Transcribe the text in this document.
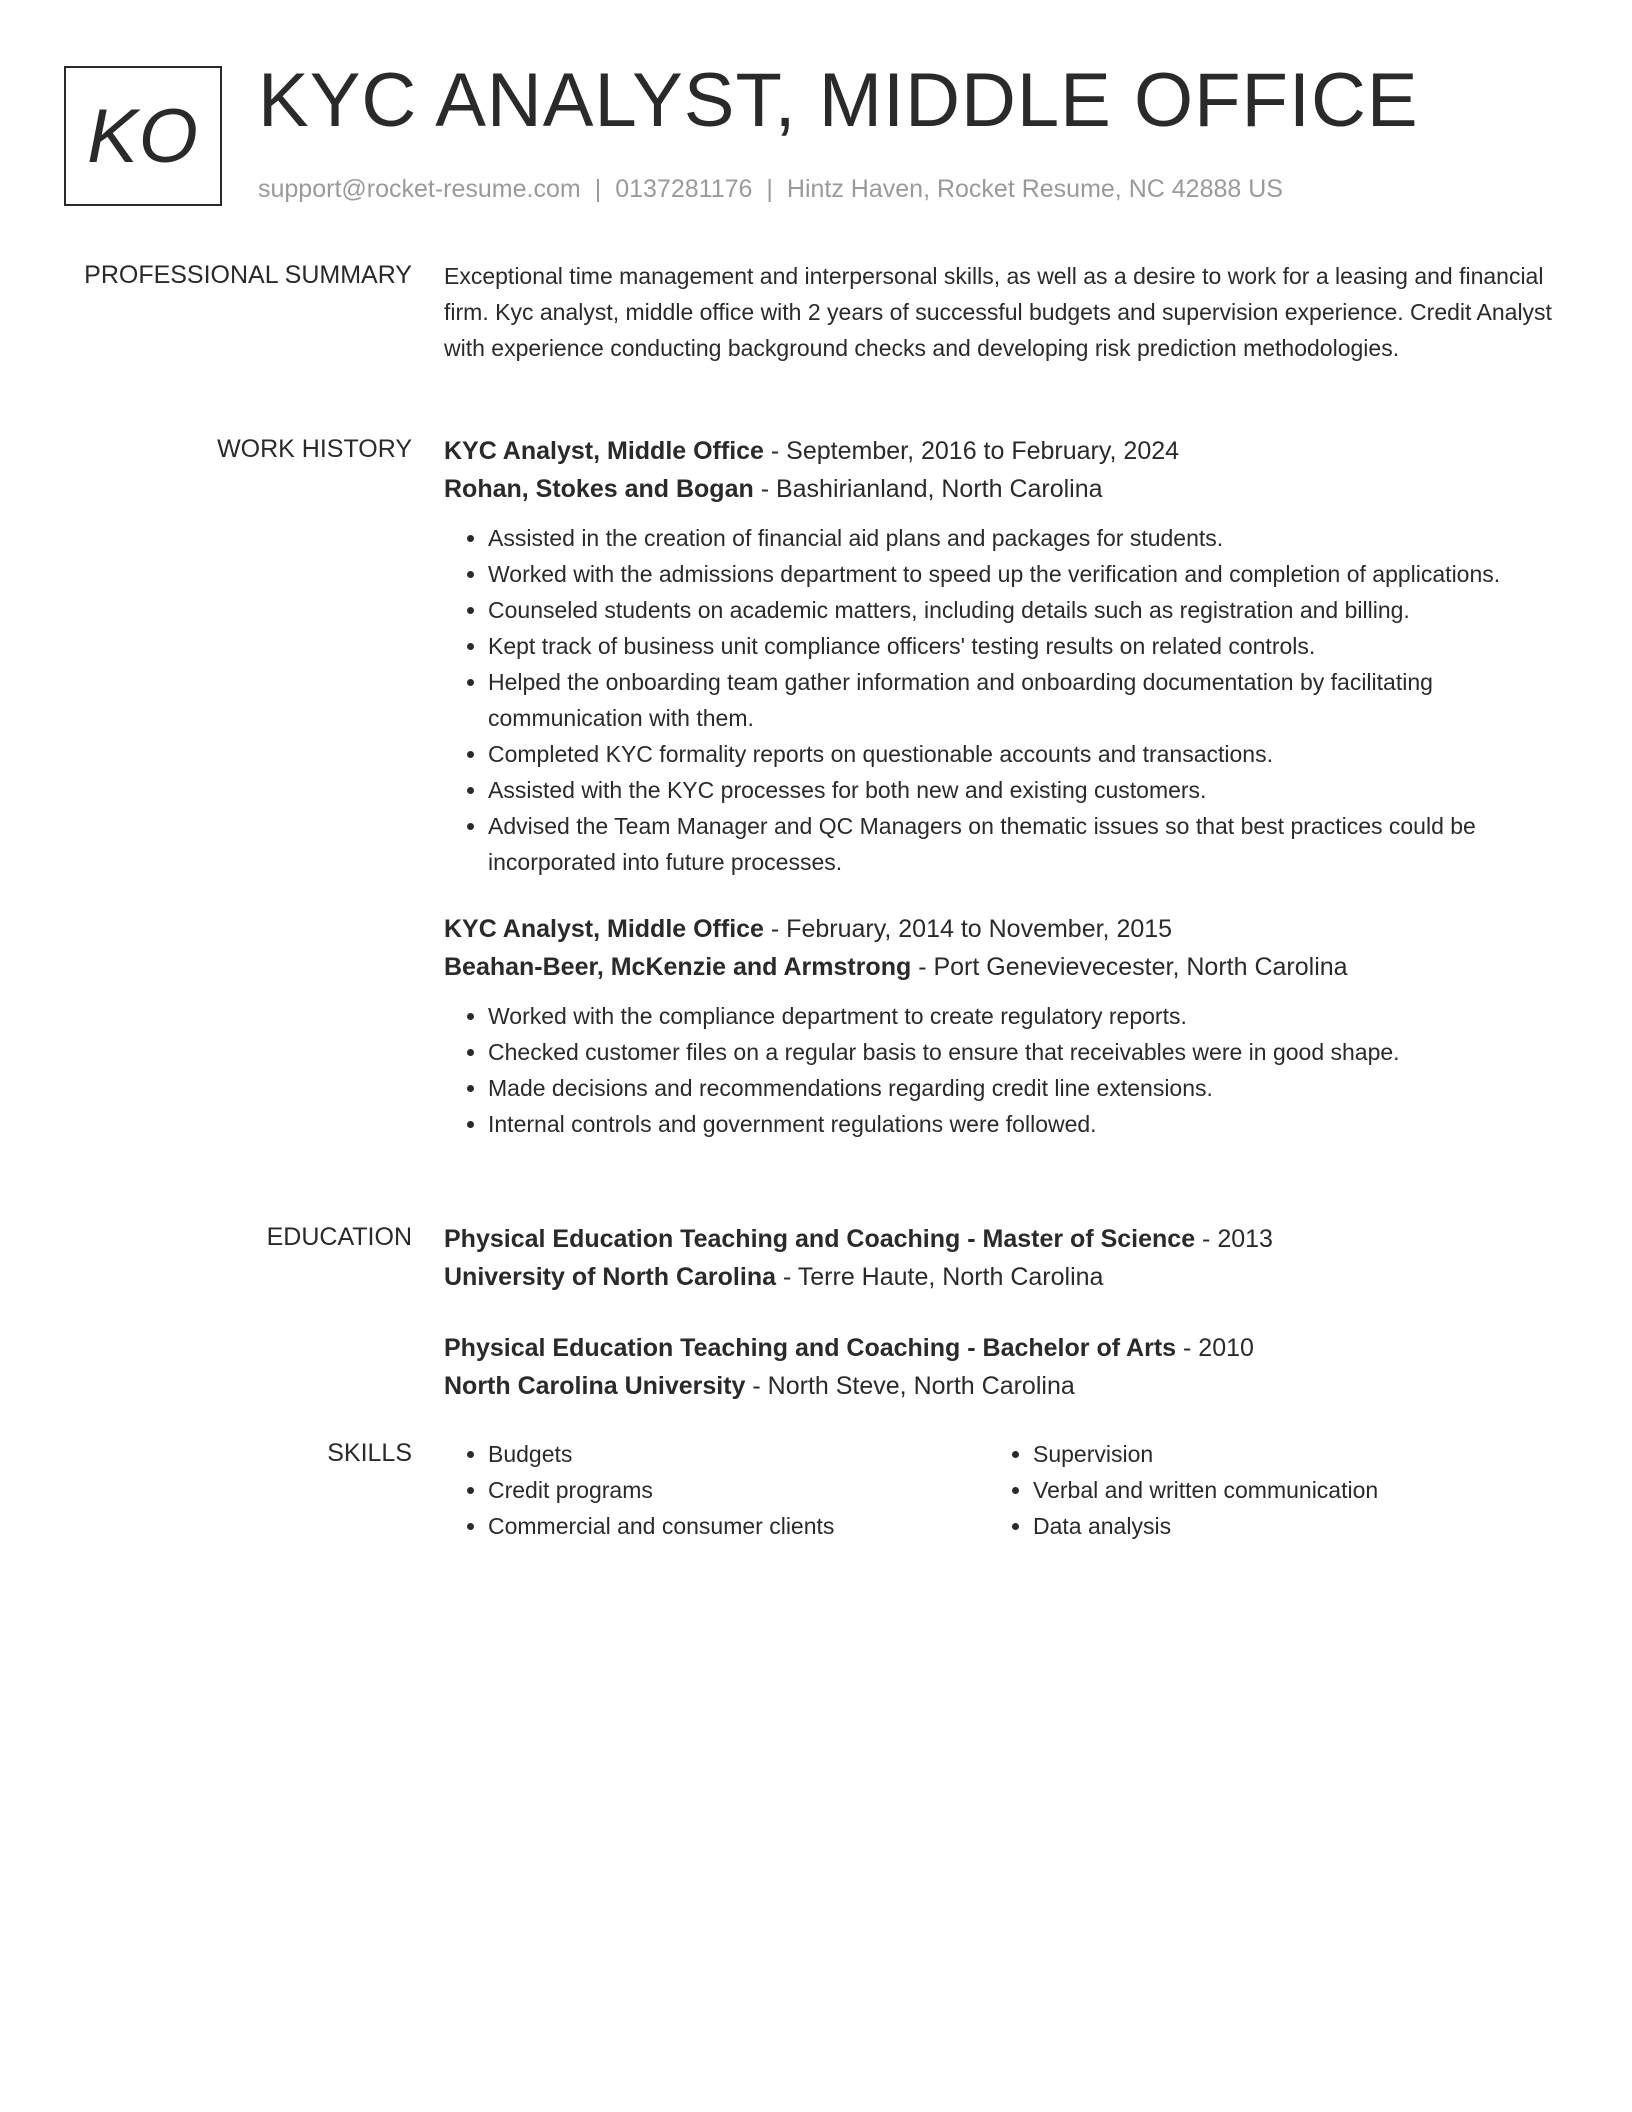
KO KYC ANALYST, MIDDLE OFFICE
support@rocket-resume.com | 0137281176 | Hintz Haven, Rocket Resume, NC 42888 US
PROFESSIONAL SUMMARY Exceptional time management and interpersonal skills, as well as a desire to work for a leasing and financial firm. Kyc analyst, middle office with 2 years of successful budgets and supervision experience. Credit Analyst with experience conducting background checks and developing risk prediction methodologies.

WORK HISTORY KYC Analyst, Middle Office - September, 2016 to February, 2024
Rohan, Stokes and Bogan - Bashirianland, North Carolina
• Assisted in the creation of financial aid plans and packages for students.
• Worked with the admissions department to speed up the verification and completion of applications.
• Counseled students on academic matters, including details such as registration and billing.
• Kept track of business unit compliance officers' testing results on related controls.
• Helped the onboarding team gather information and onboarding documentation by facilitating communication with them.
• Completed KYC formality reports on questionable accounts and transactions.
• Assisted with the KYC processes for both new and existing customers.
• Advised the Team Manager and QC Managers on thematic issues so that best practices could be incorporated into future processes.
KYC Analyst, Middle Office - February, 2014 to November, 2015
Beahan-Beer, McKenzie and Armstrong - Port Genevievecester, North Carolina
• Worked with the compliance department to create regulatory reports.
• Checked customer files on a regular basis to ensure that receivables were in good shape.
• Made decisions and recommendations regarding credit line extensions.
• Internal controls and government regulations were followed.
EDUCATION Physical Education Teaching and Coaching - Master of Science - 2013
University of North Carolina - Terre Haute, North Carolina
Physical Education Teaching and Coaching - Bachelor of Arts - 2010
North Carolina University - North Steve, North Carolina
SKILLS
•	Budgets
• Credit programs
• Commercial and consumer clients
• Supervision
• Verbal and written communication
• Data analysis
